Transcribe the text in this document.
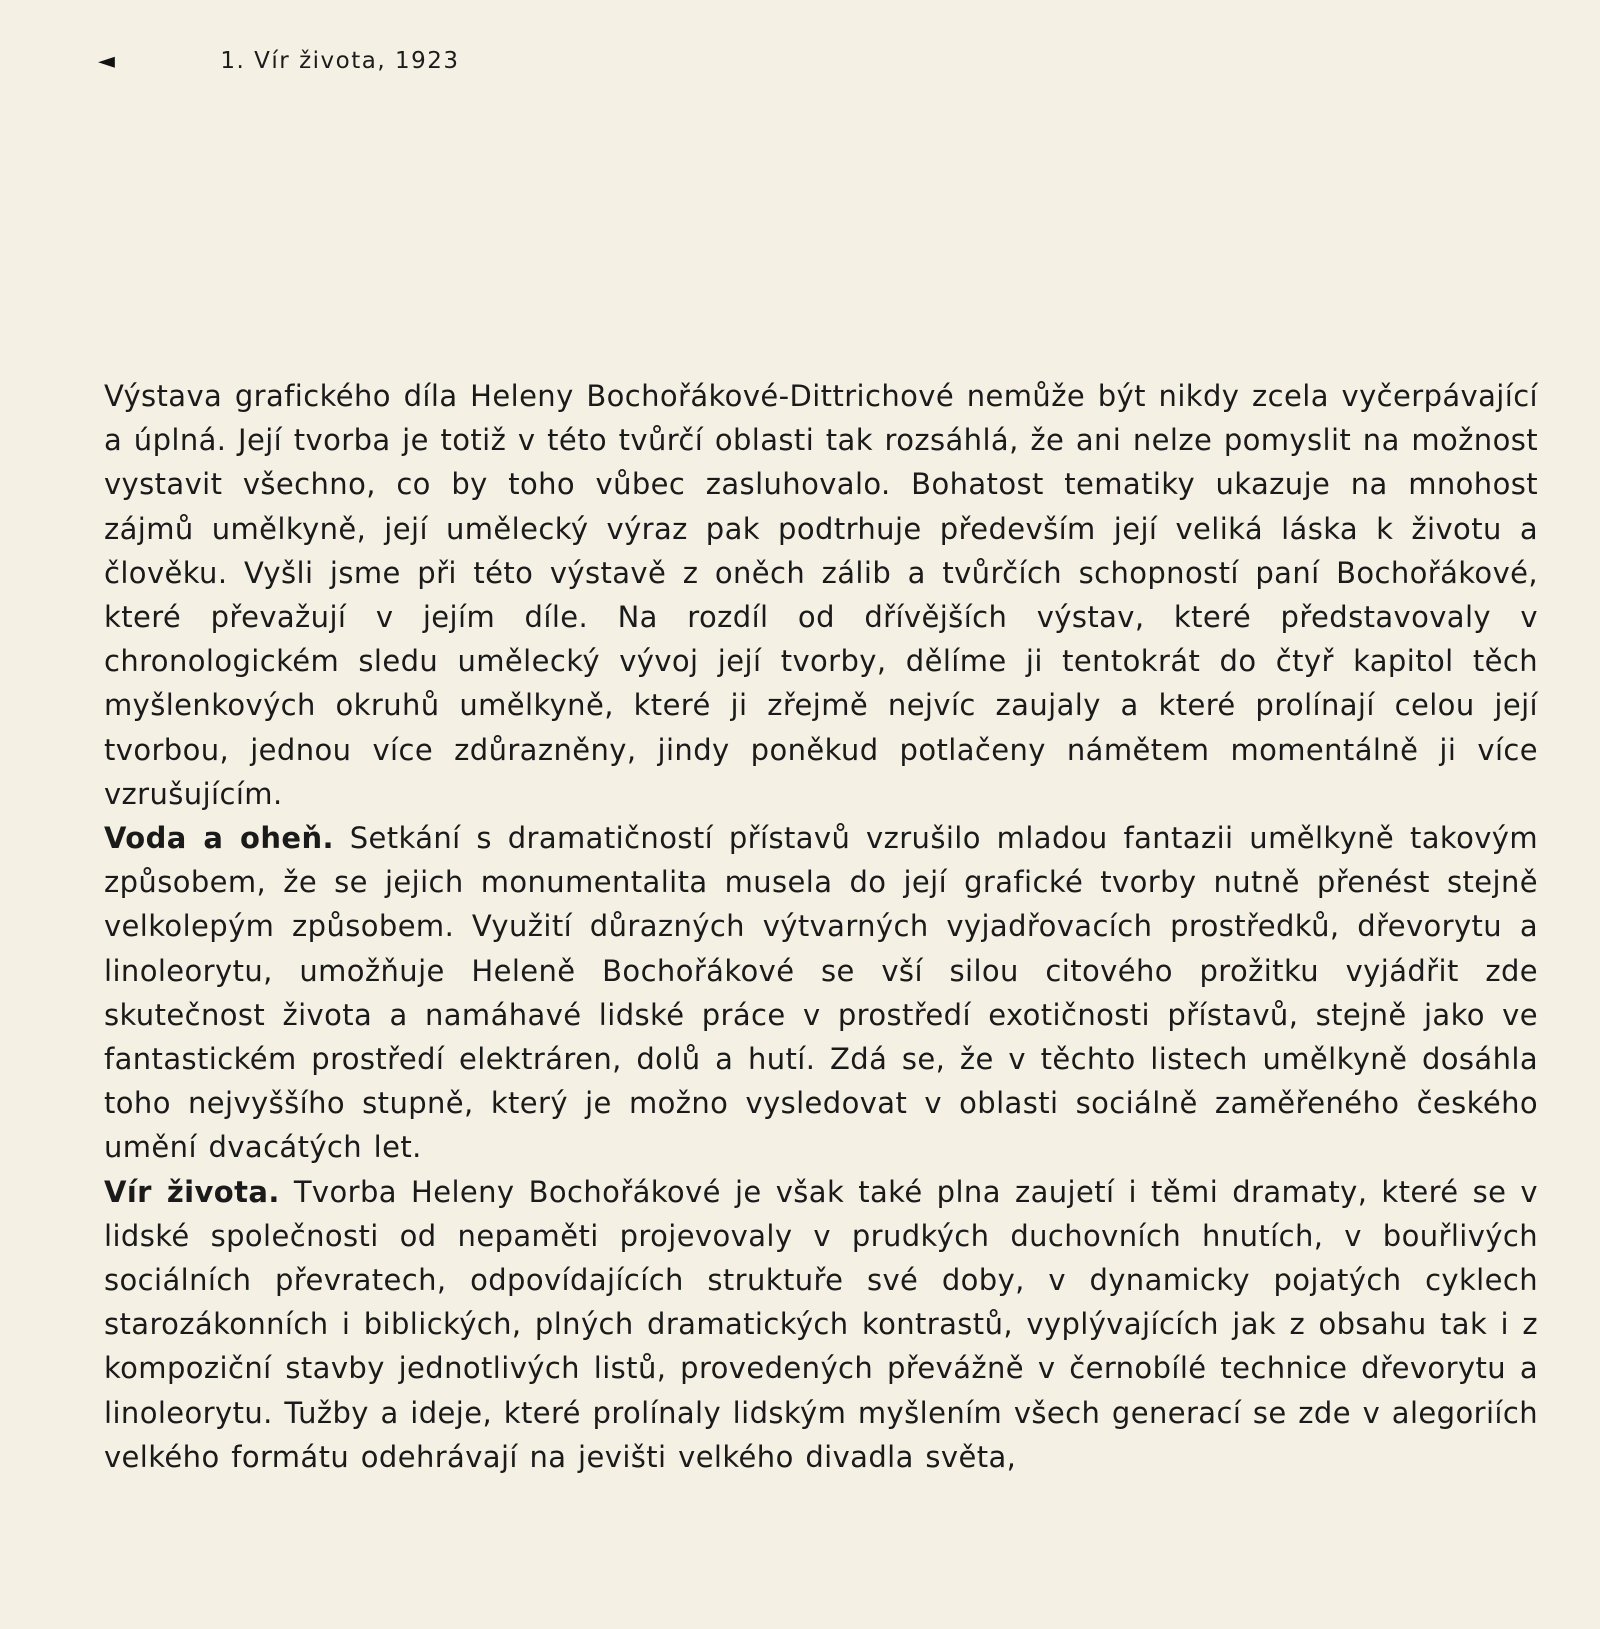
◄	1. Vír života, 1923

Výstava grafického díla Heleny Bochořákové-Dittrichové nemůže být nikdy zcela vyčerpávající a úplná. Její tvorba je totiž v této tvůrčí oblasti tak rozsáhlá, že ani nelze pomyslit na možnost vystavit všechno, co by toho vůbec zasluhovalo. Bohatost tematiky ukazuje na mnohost zájmů umělkyně, její umělecký výraz pak podtrhuje především její veliká láska k životu a člověku. Vyšli jsme při této výstavě z oněch zálib a tvůrčích schopností paní Bochořákové, které převažují v jejím díle. Na rozdíl od dřívějších výstav, které představovaly v chronologickém sledu umělecký vývoj její tvorby, dělíme ji tentokrát do čtyř kapitol těch myšlenkových okruhů umělkyně, které ji zřejmě nejvíc zaujaly a které prolínají celou její tvorbou, jednou více zdůrazněny, jindy poněkud potlačeny námětem momentálně ji více vzrušujícím.

Voda a oheň. Setkání s dramatičností přístavů vzrušilo mladou fantazii umělkyně takovým způsobem, že se jejich monumentalita musela do její grafické tvorby nutně přenést stejně velkolepým způsobem. Využití důrazných výtvarných vyjadřovacích prostředků, dřevorytu a linoleorytu, umožňuje Heleně Bochořákové se vší silou citového prožitku vyjádřit zde skutečnost života a namáhavé lidské práce v prostředí exotičnosti přístavů, stejně jako ve fantastickém prostředí elektráren, dolů a hutí. Zdá se, že v těchto listech umělkyně dosáhla toho nejvyššího stupně, který je možno vysledovat v oblasti sociálně zaměřeného českého umění dvacátých let.

Vír života. Tvorba Heleny Bochořákové je však také plna zaujetí i těmi dramaty, které se v lidské společnosti od nepaměti projevovaly v prudkých duchovních hnutích, v bouřlivých sociálních převratech, odpovídajících struktuře své doby, v dynamicky pojatých cyklech starozákonních i biblických, plných dramatických kontrastů, vyplývajících jak z obsahu tak i z kompoziční stavby jednotlivých listů, provedených převážně v černobílé technice dřevorytu a linoleorytu. Tužby a ideje, které prolínaly lidským myšlením všech generací se zde v alegoriích velkého formátu odehrávají na jevišti velkého divadla světa,
